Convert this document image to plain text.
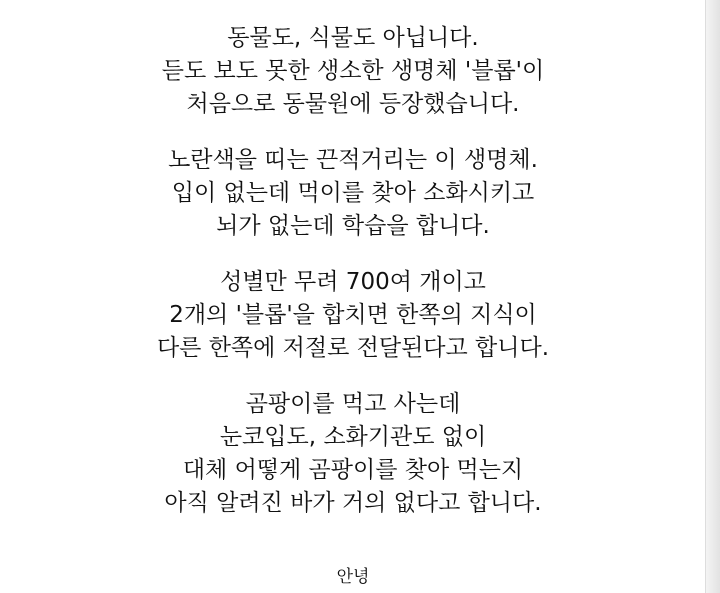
동물도, 식물도 아닙니다.
듣도 보도 못한 생소한 생명체 '블롭'이
처음으로 동물원에 등장했습니다.
노란색을 띠는 끈적거리는 이 생명체.
입이 없는데 먹이를 찾아 소화시키고
뇌가 없는데 학습을 합니다.
성별만 무려 700여 개이고
2개의 '블롭'을 합치면 한쪽의 지식이
다른 한쪽에 저절로 전달된다고 합니다.
곰팡이를 먹고 사는데
눈코입도, 소화기관도 없이
대체 어떻게 곰팡이를 찾아 먹는지
아직 알려진 바가 거의 없다고 합니다.
안녕
